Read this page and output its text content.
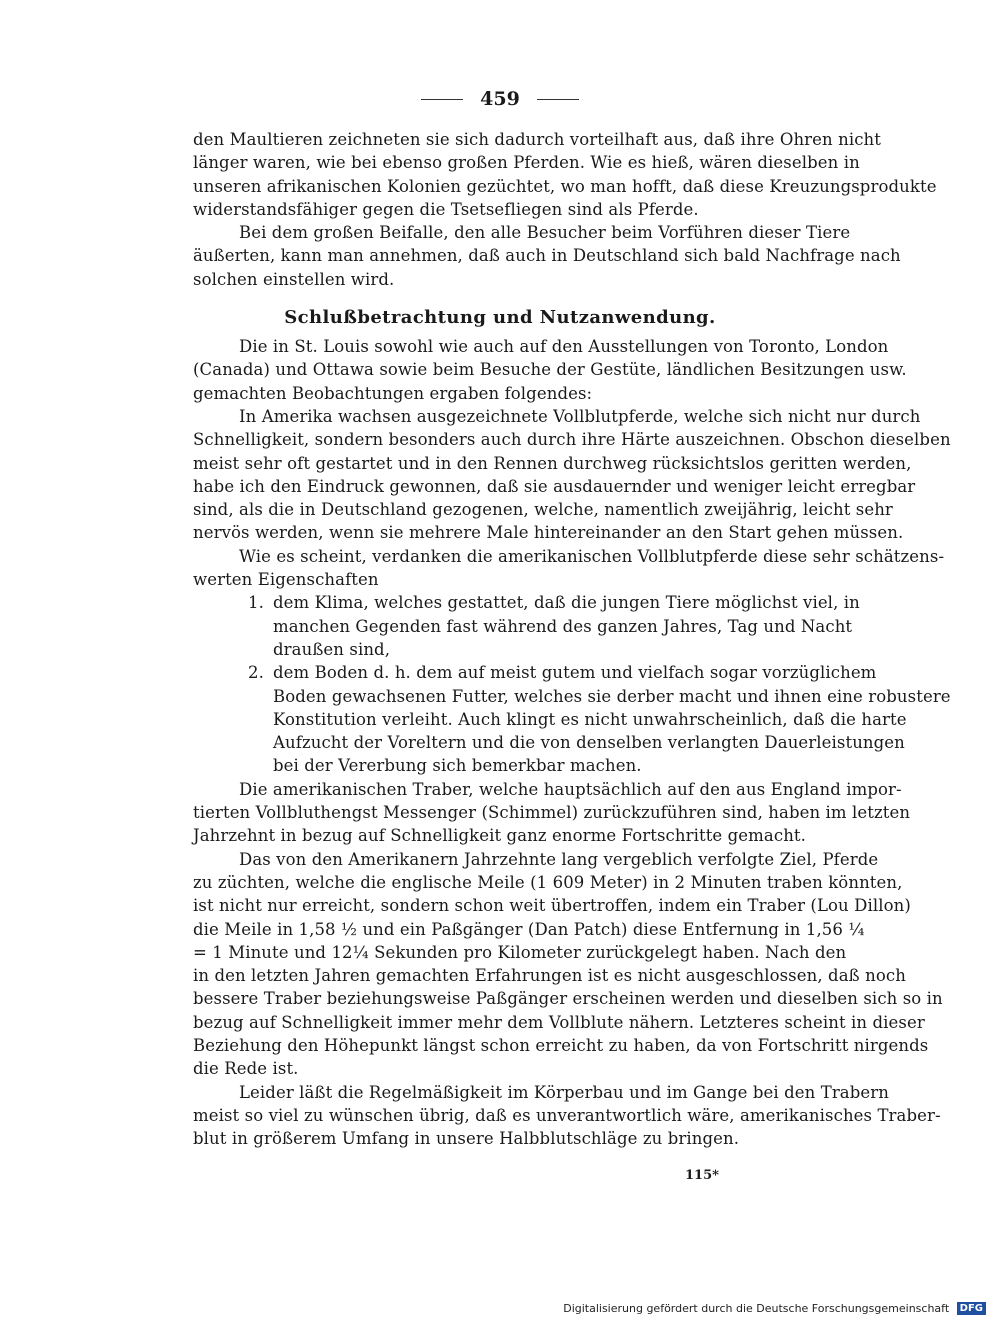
459
den Maultieren zeichneten sie sich dadurch vorteilhaft aus, daß ihre Ohren nicht
länger waren, wie bei ebenso großen Pferden. Wie es hieß, wären dieselben in
unseren afrikanischen Kolonien gezüchtet, wo man hofft, daß diese Kreuzungsprodukte
widerstandsfähiger gegen die Tsetsefliegen sind als Pferde.
Bei dem großen Beifalle, den alle Besucher beim Vorführen dieser Tiere
äußerten, kann man annehmen, daß auch in Deutschland sich bald Nachfrage nach
solchen einstellen wird.
Schlußbetrachtung und Nutzanwendung.
Die in St. Louis sowohl wie auch auf den Ausstellungen von Toronto, London
(Canada) und Ottawa sowie beim Besuche der Gestüte, ländlichen Besitzungen usw.
gemachten Beobachtungen ergaben folgendes:
In Amerika wachsen ausgezeichnete Vollblutpferde, welche sich nicht nur durch
Schnelligkeit, sondern besonders auch durch ihre Härte auszeichnen. Obschon dieselben
meist sehr oft gestartet und in den Rennen durchweg rücksichtslos geritten werden,
habe ich den Eindruck gewonnen, daß sie ausdauernder und weniger leicht erregbar
sind, als die in Deutschland gezogenen, welche, namentlich zweijährig, leicht sehr
nervös werden, wenn sie mehrere Male hintereinander an den Start gehen müssen.
Wie es scheint, verdanken die amerikanischen Vollblutpferde diese sehr schätzens-
werten Eigenschaften
1. dem Klima, welches gestattet, daß die jungen Tiere möglichst viel, in
manchen Gegenden fast während des ganzen Jahres, Tag und Nacht
draußen sind,
2. dem Boden d. h. dem auf meist gutem und vielfach sogar vorzüglichem
Boden gewachsenen Futter, welches sie derber macht und ihnen eine robustere
Konstitution verleiht. Auch klingt es nicht unwahrscheinlich, daß die harte
Aufzucht der Voreltern und die von denselben verlangten Dauerleistungen
bei der Vererbung sich bemerkbar machen.
Die amerikanischen Traber, welche hauptsächlich auf den aus England impor-
tierten Vollbluthengst Messenger (Schimmel) zurückzuführen sind, haben im letzten
Jahrzehnt in bezug auf Schnelligkeit ganz enorme Fortschritte gemacht.
Das von den Amerikanern Jahrzehnte lang vergeblich verfolgte Ziel, Pferde
zu züchten, welche die englische Meile (1 609 Meter) in 2 Minuten traben könnten,
ist nicht nur erreicht, sondern schon weit übertroffen, indem ein Traber (Lou Dillon)
die Meile in 1,58 ½ und ein Paßgänger (Dan Patch) diese Entfernung in 1,56 ¼
= 1 Minute und 12¼ Sekunden pro Kilometer zurückgelegt haben. Nach den
in den letzten Jahren gemachten Erfahrungen ist es nicht ausgeschlossen, daß noch
bessere Traber beziehungsweise Paßgänger erscheinen werden und dieselben sich so in
bezug auf Schnelligkeit immer mehr dem Vollblute nähern. Letzteres scheint in dieser
Beziehung den Höhepunkt längst schon erreicht zu haben, da von Fortschritt nirgends
die Rede ist.
Leider läßt die Regelmäßigkeit im Körperbau und im Gange bei den Trabern
meist so viel zu wünschen übrig, daß es unverantwortlich wäre, amerikanisches Traber-
blut in größerem Umfang in unsere Halbblutschläge zu bringen.
115*
Digitalisierung gefördert durch die Deutsche Forschungsgemeinschaft DFG
